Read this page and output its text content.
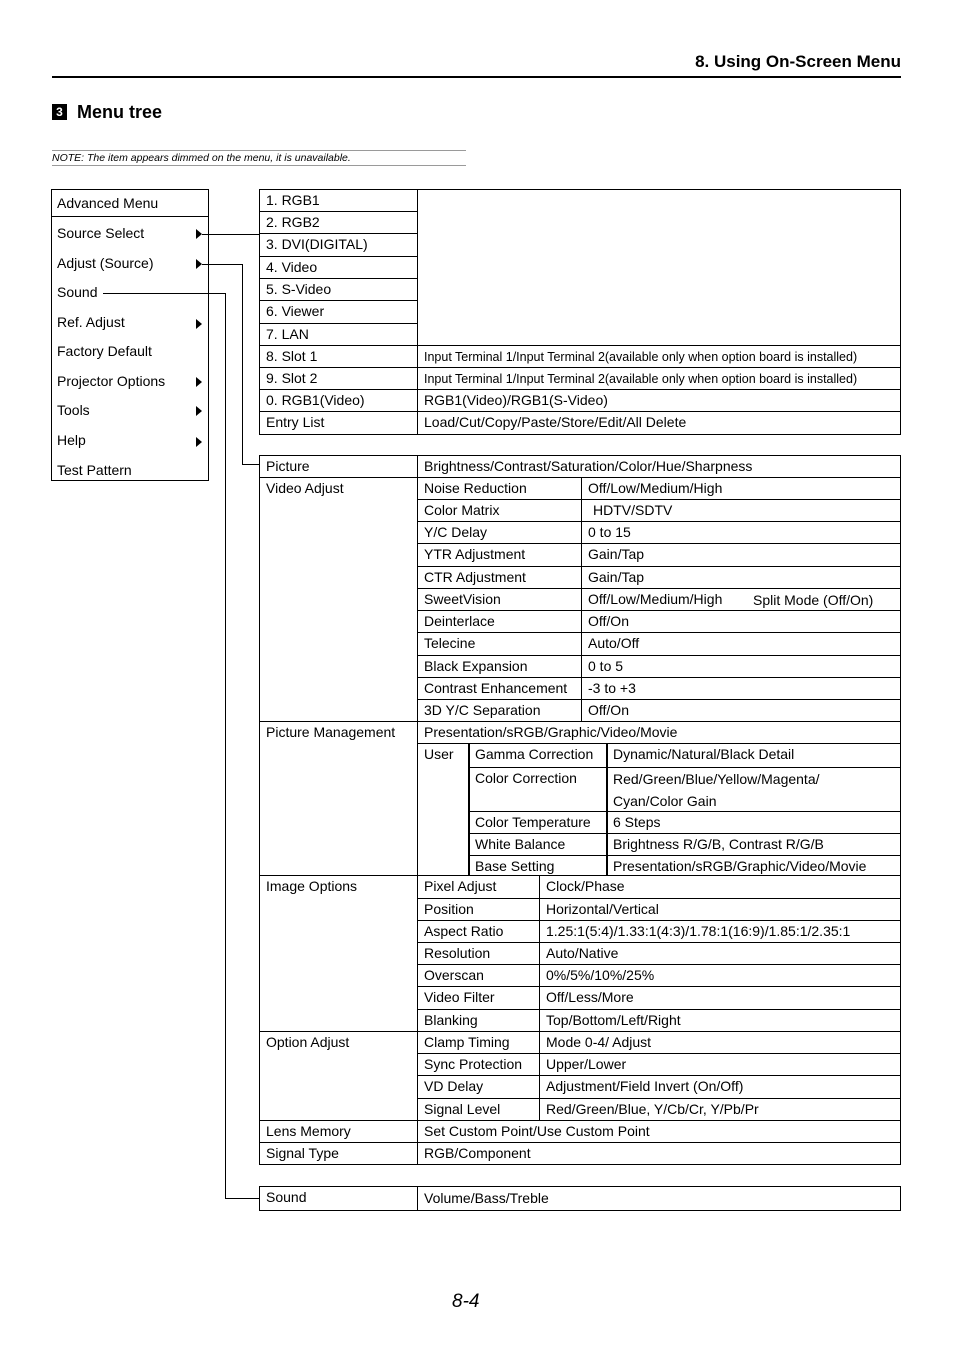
8. Using On-Screen Menu
3 Menu tree
NOTE: The item appears dimmed on the menu, it is unavailable.
Advanced Menu
Source Select
Adjust (Source)
Sound
Ref. Adjust
Factory Default
Projector Options
Tools
Help
Test Pattern
1. RGB1
2. RGB2
3. DVI(DIGITAL)
4. Video
5. S-Video
6. Viewer
7. LAN
8. Slot 1	Input Terminal 1/Input Terminal 2(available only when option board is installed)
9. Slot 2	Input Terminal 1/Input Terminal 2(available only when option board is installed)
0. RGB1(Video)	RGB1(Video)/RGB1(S-Video)
Entry List	Load/Cut/Copy/Paste/Store/Edit/All Delete
Picture	Brightness/Contrast/Saturation/Color/Hue/Sharpness
Video Adjust	Noise Reduction	Off/Low/Medium/High
Color Matrix	HDTV/SDTV
Y/C Delay	0 to 15
YTR Adjustment	Gain/Tap
CTR Adjustment	Gain/Tap
SweetVision	Off/Low/Medium/High Split Mode (Off/On)
Deinterlace	Off/On
Telecine	Auto/Off
Black Expansion	0 to 5
Contrast Enhancement	-3 to +3
3D Y/C Separation	Off/On
Picture Management	Presentation/sRGB/Graphic/Video/Movie
User	Gamma Correction	Dynamic/Natural/Black Detail
Color Correction	Red/Green/Blue/Yellow/Magenta/
Cyan/Color Gain
Color Temperature	6 Steps
White Balance	Brightness R/G/B, Contrast R/G/B
Base Setting	Presentation/sRGB/Graphic/Video/Movie
Image Options	Pixel Adjust	Clock/Phase
Position	Horizontal/Vertical
Aspect Ratio	1.25:1(5:4)/1.33:1(4:3)/1.78:1(16:9)/1.85:1/2.35:1
Resolution	Auto/Native
Overscan	0%/5%/10%/25%
Video Filter	Off/Less/More
Blanking	Top/Bottom/Left/Right
Option Adjust	Clamp Timing	Mode 0-4/ Adjust
Sync Protection	Upper/Lower
VD Delay	Adjustment/Field Invert (On/Off)
Signal Level	Red/Green/Blue, Y/Cb/Cr, Y/Pb/Pr
Lens Memory	Set Custom Point/Use Custom Point
Signal Type	RGB/Component
Sound	Volume/Bass/Treble
8-4
